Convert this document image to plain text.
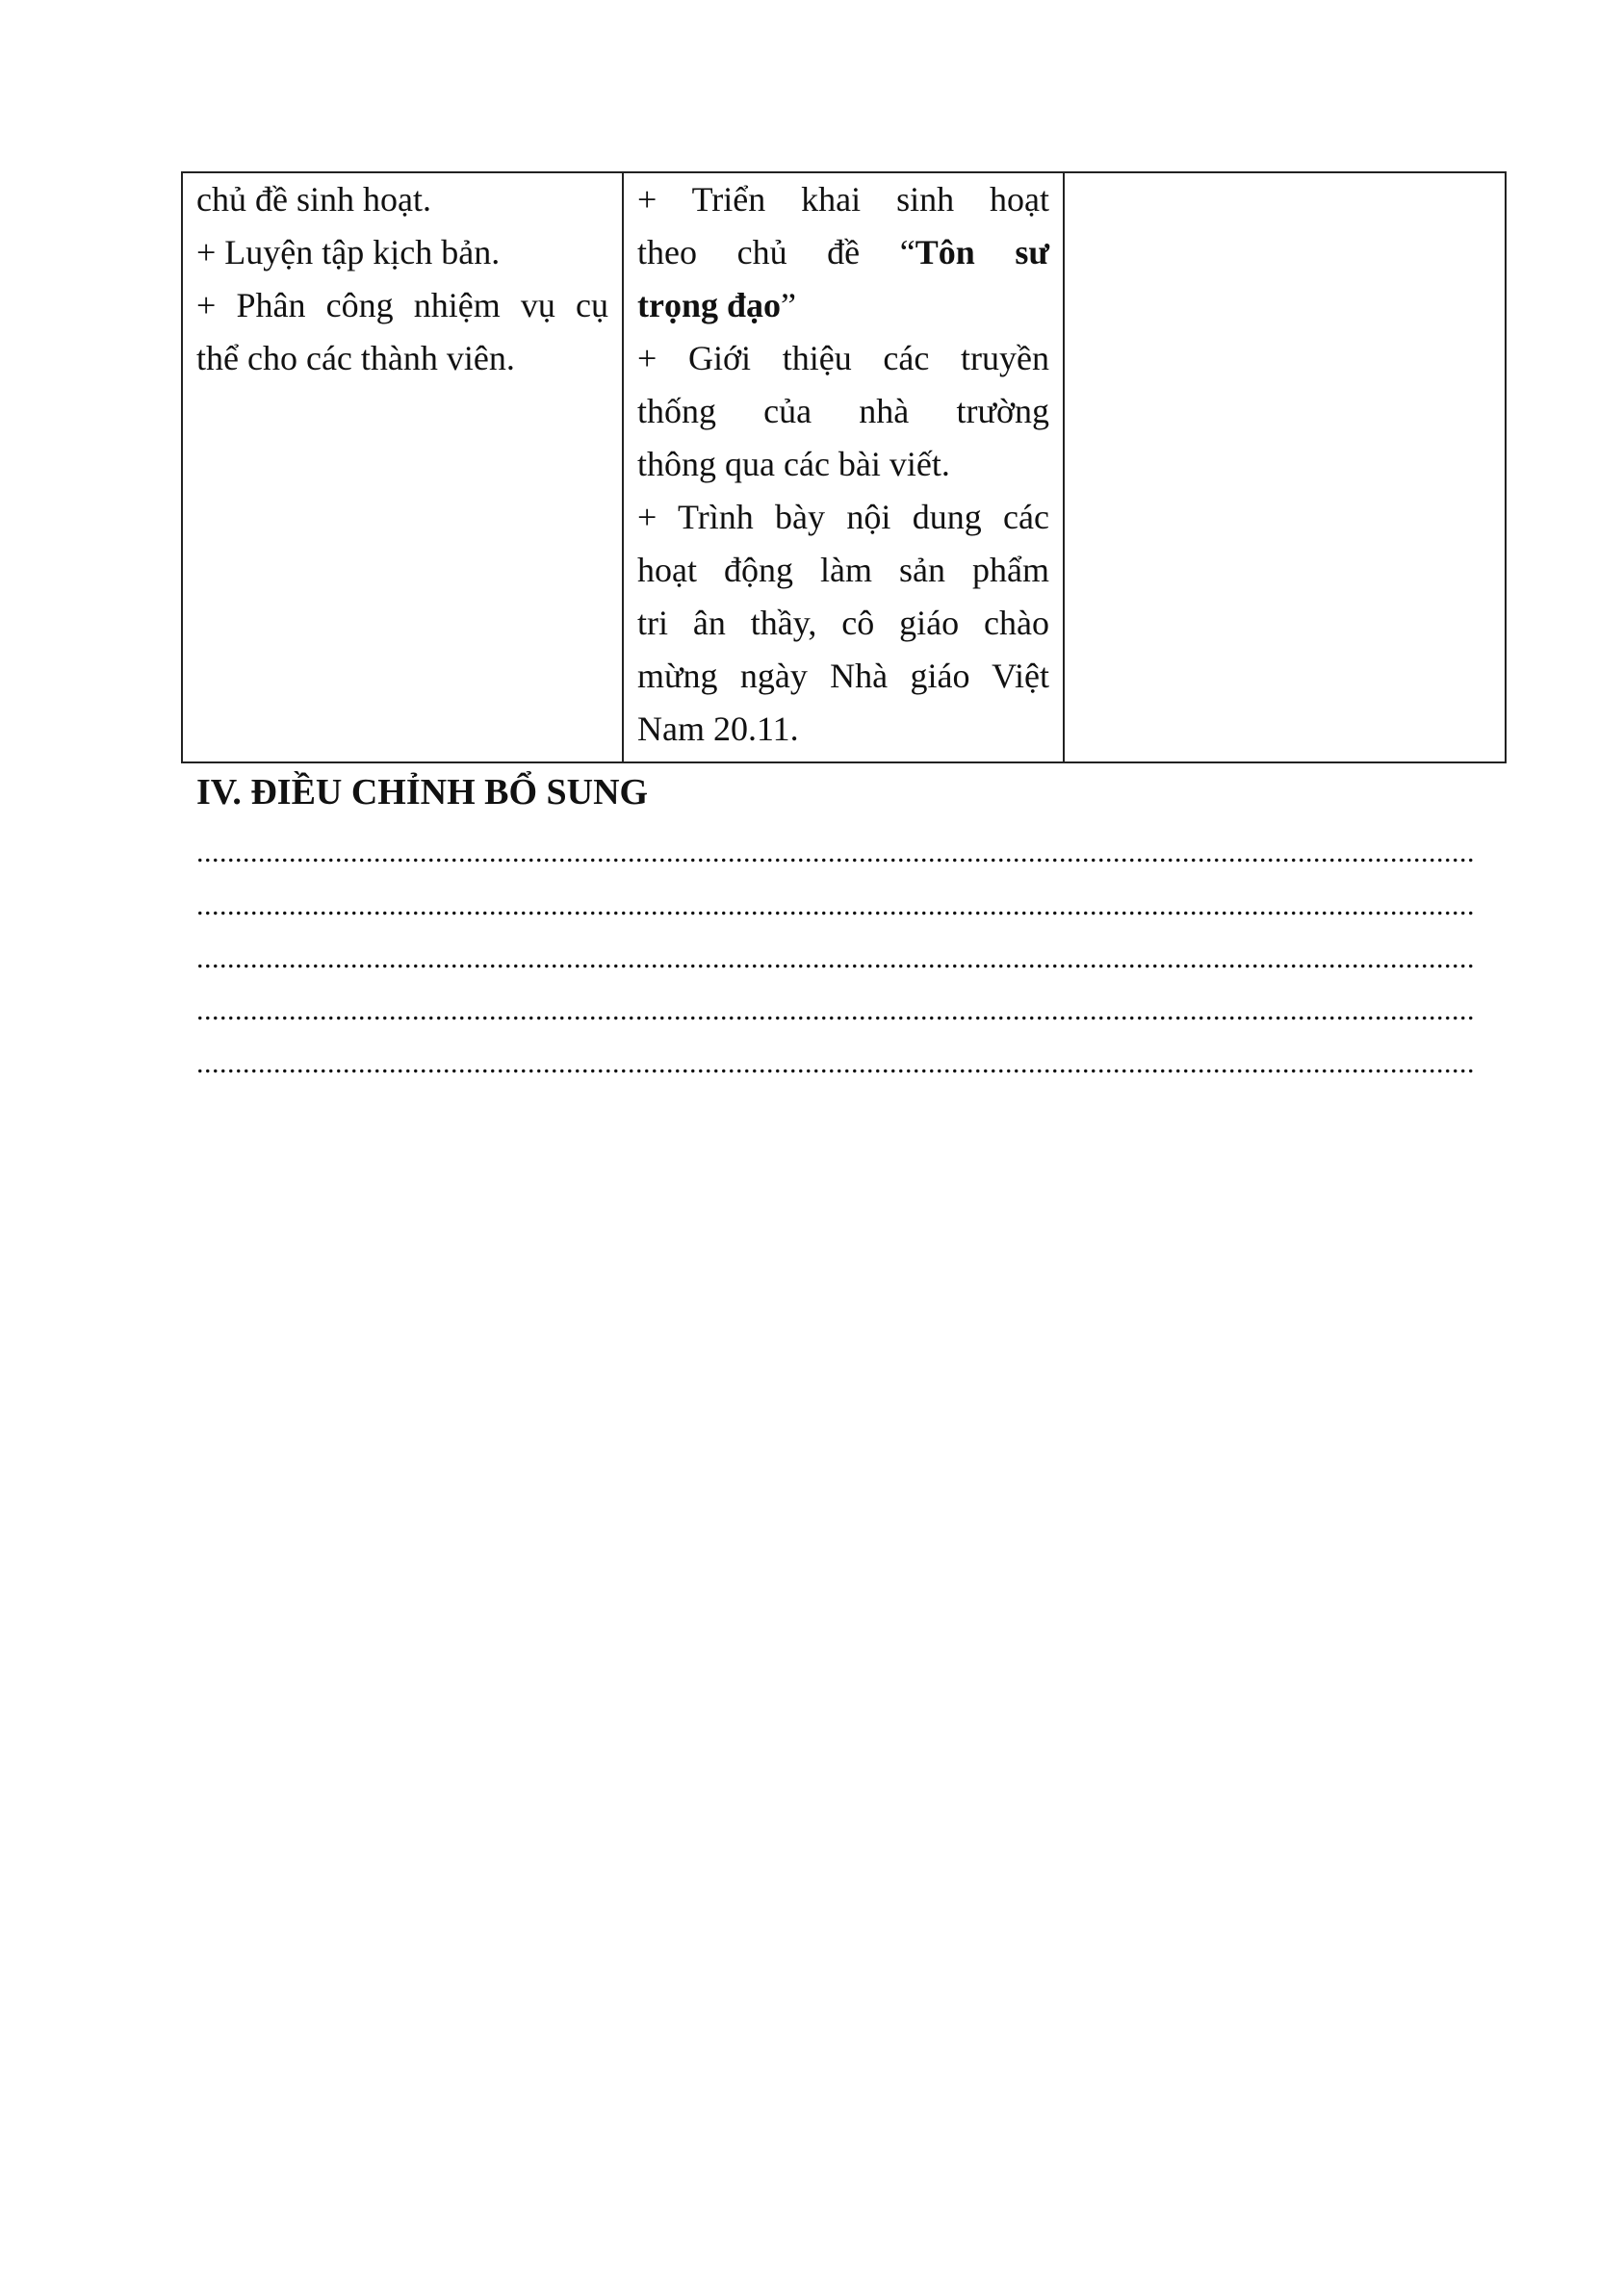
chủ đề sinh hoạt.
+ Luyện tập kịch bản.
+ Phân công nhiệm vụ cụ
thể cho các thành viên.

+ Triển khai sinh hoạt
theo chủ đề “Tôn sư
trọng đạo”
+ Giới thiệu các truyền
thống của nhà trường
thông qua các bài viết.
+ Trình bày nội dung các
hoạt động làm sản phẩm
tri ân thầy, cô giáo chào
mừng ngày Nhà giáo Việt
Nam 20.11.

IV. ĐIỀU CHỈNH BỔ SUNG
......................................................................................................................................................................
......................................................................................................................................................................
......................................................................................................................................................................
......................................................................................................................................................................
......................................................................................................................................................................
